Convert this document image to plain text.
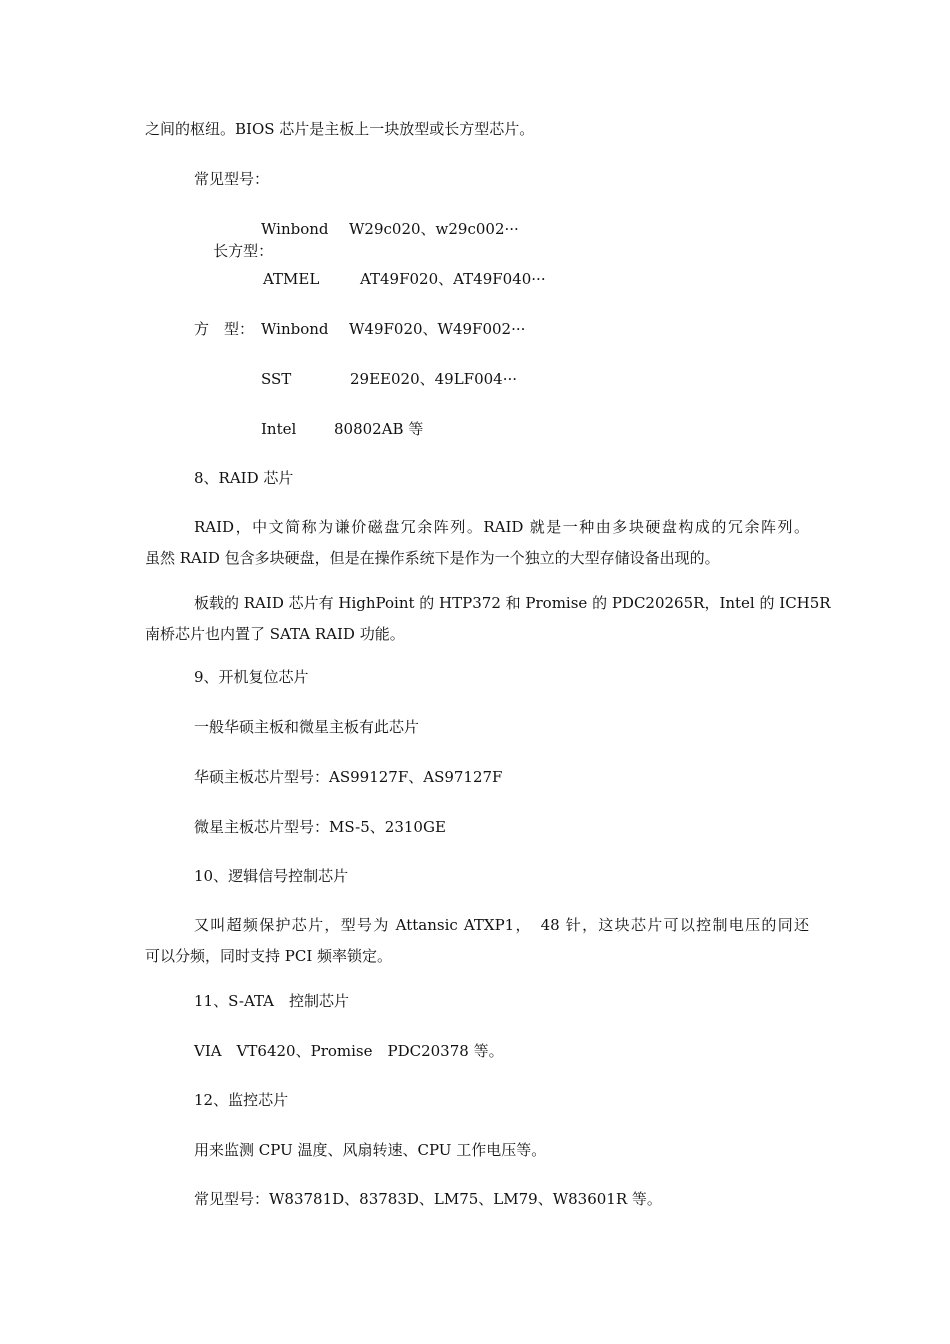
之间的枢纽。BIOS 芯片是主板上一块放型或长方型芯片。
常见型号：

长方型：

Winbond W29c020、w29c002···
ATMEL	AT49F020、AT49F040···
方　型： Winbond W49F020、W49F002···
SST	29EE020、49LF004···
Intel	80802AB 等
8、RAID 芯片
RAID，中文简称为谦价磁盘冗余阵列。RAID 就是一种由多块硬盘构成的冗余阵列。
虽然 RAID 包含多块硬盘，但是在操作系统下是作为一个独立的大型存储设备出现的。
板载的 RAID 芯片有 HighPoint 的 HTP372 和 Promise 的 PDC20265R，Intel 的 ICH5R
南桥芯片也内置了 SATA RAID 功能。
9、开机复位芯片
一般华硕主板和微星主板有此芯片
华硕主板芯片型号：AS99127F、AS97127F
微星主板芯片型号：MS-5、2310GE
10、逻辑信号控制芯片
又叫超频保护芯片，型号为 Attansic ATXP1，　48 针，这块芯片可以控制电压的同还
可以分频，同时支持 PCI 频率锁定。
11、S-ATA　控制芯片
VIA　VT6420、Promise　PDC20378 等。
12、监控芯片
用来监测 CPU 温度、风扇转速、CPU 工作电压等。
常见型号：W83781D、83783D、LM75、LM79、W83601R 等。
